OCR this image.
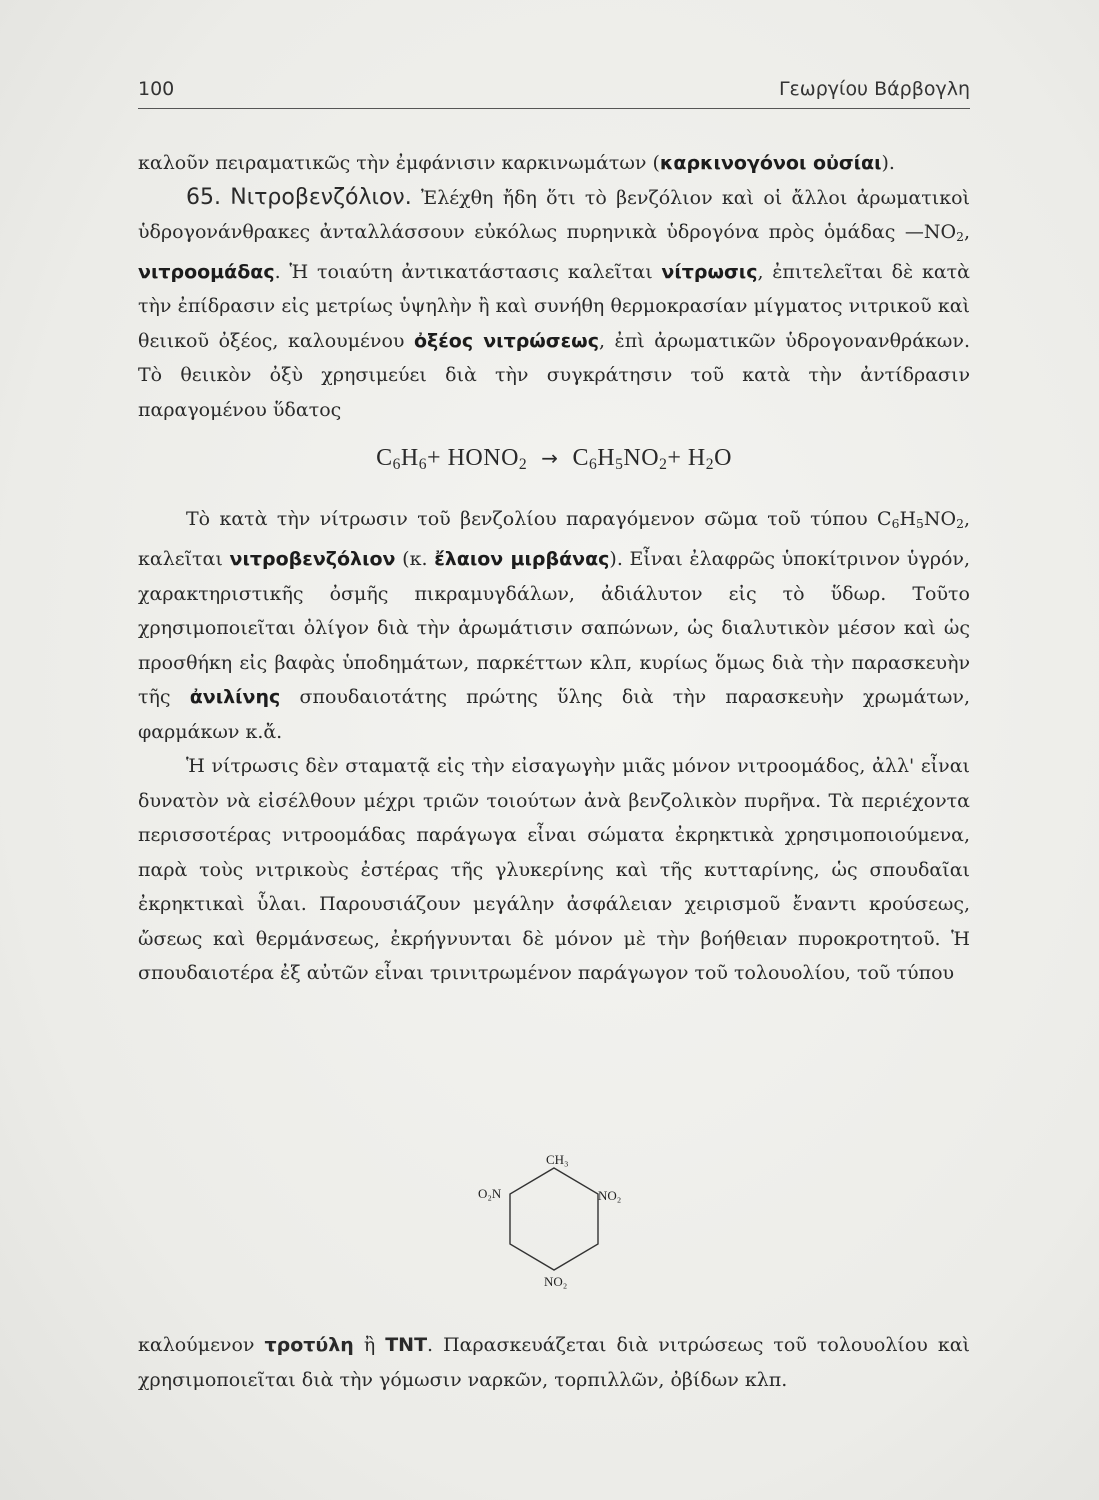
100	Γεωργίου Βάρβογλη

καλοῦν πειραματικῶς τὴν ἐμφάνισιν καρκινωμάτων (καρκινογόνοι οὐσίαι).

65. Νιτροβενζόλιον. Ἐλέχθη ἤδη ὅτι τὸ βενζόλιον καὶ οἱ ἄλλοι ἀρωματικοὶ ὑδρογονάνθρακες ἀνταλλάσσουν εὐκόλως πυρηνικὰ ὑδρογόνα πρὸς ὁμάδας $—NO_2$, νιτροομάδας. Ἡ τοιαύτη ἀντικατάστασις καλεῖται νίτρωσις, ἐπιτελεῖται δὲ κατὰ τὴν ἐπίδρασιν εἰς μετρίως ὑψηλὴν ἢ καὶ συνήθη θερμοκρασίαν μίγματος νιτρικοῦ καὶ θειικοῦ ὀξέος, καλουμένου ὀξέος νιτρώσεως, ἐπὶ ἀρωματικῶν ὑδρογονανθράκων. Τὸ θειικὸν ὀξὺ χρησιμεύει διὰ τὴν συγκράτησιν τοῦ κατὰ τὴν ἀντίδρασιν παραγομένου ὕδατος

$C_6H_6+$ $HONO_2 \to C_6H_5NO_2+ H_2O$

Τὸ κατὰ τὴν νίτρωσιν τοῦ βενζολίου παραγόμενον σῶμα τοῦ τύπου $C_6H_5NO_2$, καλεῖται νιτροβενζόλιον (κ. ἔλαιον μιρβάνας). Εἶναι ἐλαφρῶς ὑποκίτρινον ὑγρόν, χαρακτηριστικῆς ὀσμῆς πικραμυγδάλων, ἀδιάλυτον εἰς τὸ ὕδωρ. Τοῦτο χρησιμοποιεῖται ὀλίγον διὰ τὴν ἀρωμάτισιν σαπώνων, ὡς διαλυτικὸν μέσον καὶ ὡς προσθήκη εἰς βαφὰς ὑποδημάτων, παρκέττων κλπ, κυρίως ὅμως διὰ τὴν παρασκευὴν τῆς ἀνιλίνης σπουδαιοτάτης πρώτης ὕλης διὰ τὴν παρασκευὴν χρωμάτων, φαρμάκων κ.ἄ.

Ἡ νίτρωσις δὲν σταματᾷ εἰς τὴν εἰσαγωγὴν μιᾶς μόνον νιτροομάδος, ἀλλ' εἶναι δυνατὸν νὰ εἰσέλθουν μέχρι τριῶν τοιούτων ἀνὰ βενζολικὸν πυρῆνα. Τὰ περιέχοντα περισσοτέρας νιτροομάδας παράγωγα εἶναι σώματα ἐκρηκτικὰ χρησιμοποιούμενα, παρὰ τοὺς νιτρικοὺς ἐστέρας τῆς γλυκερίνης καὶ τῆς κυτταρίνης, ὡς σπουδαῖαι ἐκρηκτικαὶ ὗλαι. Παρουσιάζουν μεγάλην ἀσφάλειαν χειρισμοῦ ἔναντι κρούσεως, ὤσεως καὶ θερμάνσεως, ἐκρήγνυνται δὲ μόνον μὲ τὴν βοήθειαν πυροκροτητοῦ. Ἡ σπουδαιοτέρα ἐξ αὐτῶν εἶναι τρινιτρωμένον παράγωγον τοῦ τολουολίου, τοῦ τύπου

CH₃
O₂N	NO₂
NO₂
καλούμενον τροτύλη ἢ TNT. Παρασκευάζεται διὰ νιτρώσεως τοῦ τολουολίου καὶ χρησιμοποιεῖται διὰ τὴν γόμωσιν ναρκῶν, τορπιλλῶν, ὀβίδων κλπ.
